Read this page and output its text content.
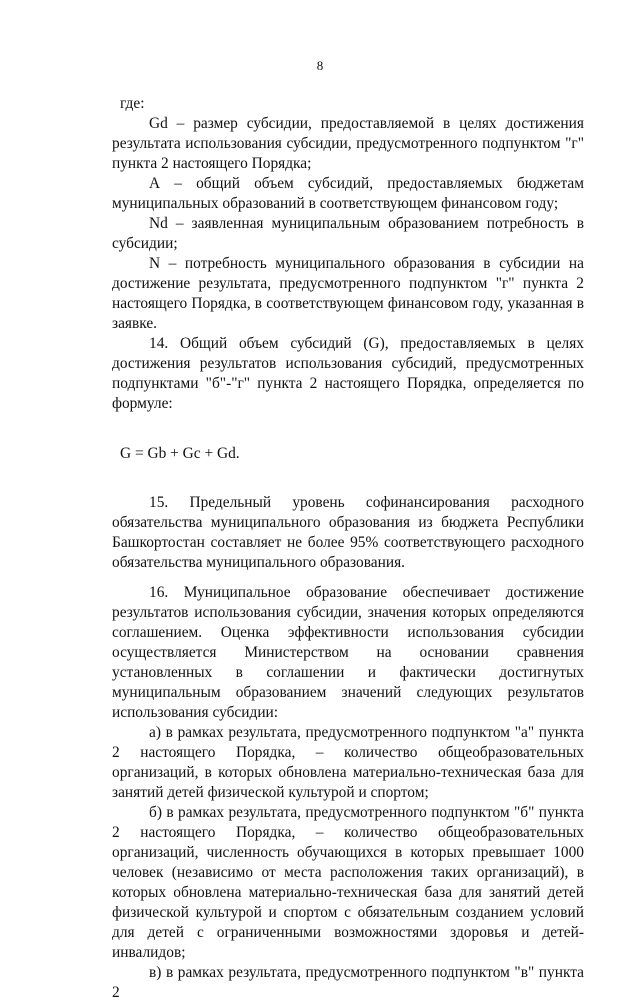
8

где:

Gd – размер субсидии, предоставляемой в целях достижения результата использования субсидии, предусмотренного подпунктом "г" пункта 2 настоящего Порядка;

А – общий объем субсидий, предоставляемых бюджетам муниципальных образований в соответствующем финансовом году;

Nd – заявленная муниципальным образованием потребность в субсидии;

N – потребность муниципального образования в субсидии на достижение результата, предусмотренного подпунктом "г" пункта 2 настоящего Порядка, в соответствующем финансовом году, указанная в заявке.

14. Общий объем субсидий (G), предоставляемых в целях достижения результатов использования субсидий, предусмотренных подпунктами "б"-"г" пункта 2 настоящего Порядка, определяется по формуле:

G = Gb + Gc + Gd.

15. Предельный уровень софинансирования расходного обязательства муниципального образования из бюджета Республики Башкортостан составляет не более 95% соответствующего расходного обязательства муниципального образования.

16. Муниципальное образование обеспечивает достижение результатов использования субсидии, значения которых определяются соглашением. Оценка эффективности использования субсидии осуществляется Министерством на основании сравнения установленных в соглашении и фактически достигнутых муниципальным образованием значений следующих результатов использования субсидии:

а) в рамках результата, предусмотренного подпунктом "а" пункта 2 настоящего Порядка, – количество общеобразовательных организаций, в которых обновлена материально-техническая база для занятий детей физической культурой и спортом;

б) в рамках результата, предусмотренного подпунктом "б" пункта 2 настоящего Порядка, – количество общеобразовательных организаций, численность обучающихся в которых превышает 1000 человек (независимо от места расположения таких организаций), в которых обновлена материально-техническая база для занятий детей физической культурой и спортом с обязательным созданием условий для детей с ограниченными возможностями здоровья и детей-инвалидов;

в) в рамках результата, предусмотренного подпунктом "в" пункта 2
